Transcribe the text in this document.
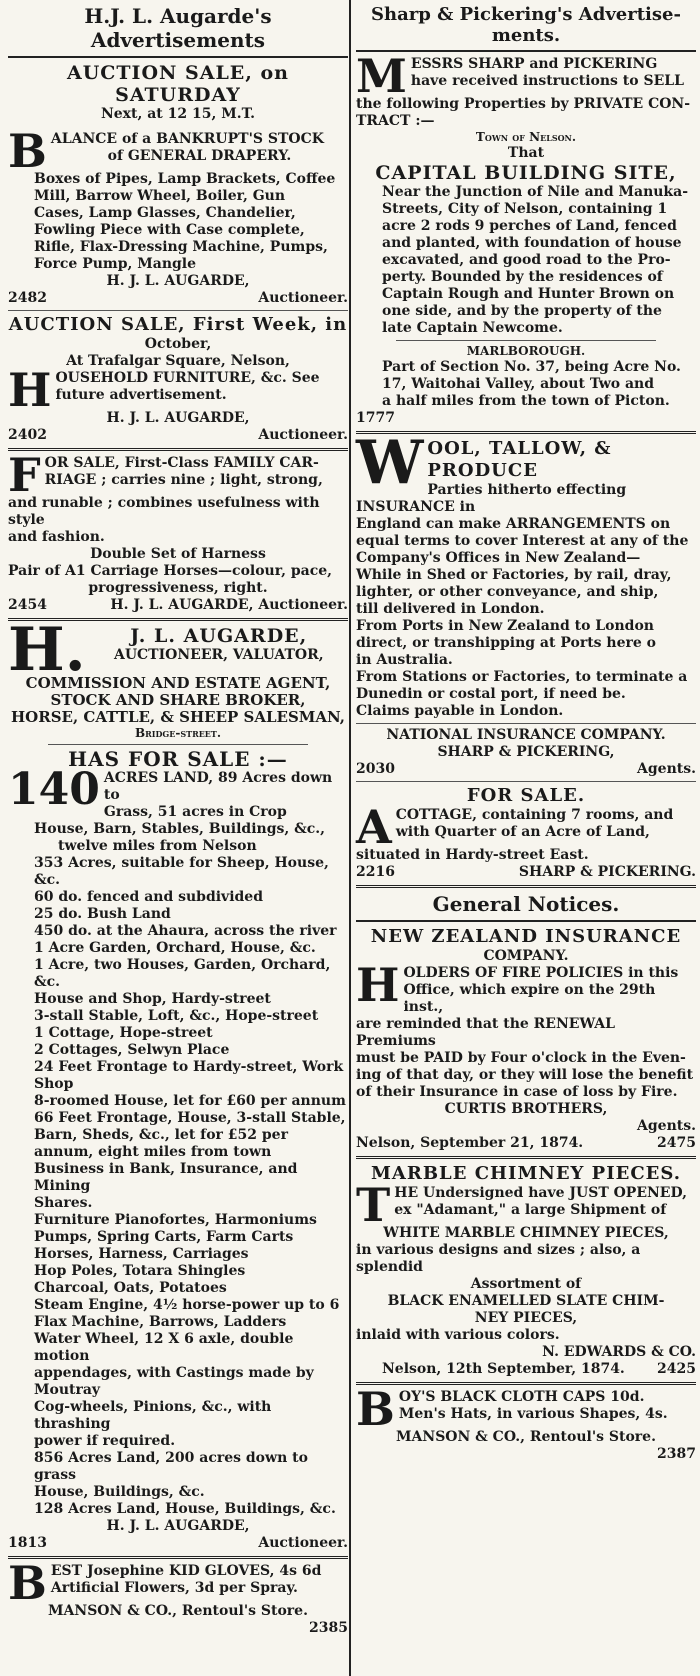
H.J. L. Augarde's Advertisements
AUCTION SALE, on SATURDAY
Next, at 12 15, M.T.
B ALANCE of a BANKRUPT'S STOCK
of GENERAL DRAPERY.
Boxes of Pipes, Lamp Brackets, Coffee
Mill, Barrow Wheel, Boiler, Gun
Cases, Lamp Glasses, Chandelier,
Fowling Piece with Case complete,
Rifle, Flax-Dressing Machine, Pumps,
Force Pump, Mangle
H. J. L. AUGARDE,
2482	Auctioneer.
AUCTION SALE, First Week, in
October,
At Trafalgar Square, Nelson,
H OUSEHOLD FURNITURE, &c. See
future advertisement.
H. J. L. AUGARDE,
2402	Auctioneer.
F OR SALE, First-Class FAMILY CAR-
RIAGE ; carries nine ; light, strong,
and runable ; combines usefulness with style
and fashion.
Double Set of Harness
Pair of A1 Carriage Horses—colour, pace,
progressiveness, right.
2454	H. J. L. AUGARDE, Auctioneer.
H.	J. L. AUGARDE,
AUCTIONEER, VALUATOR,
COMMISSION AND ESTATE AGENT,
STOCK AND SHARE BROKER,
HORSE, CATTLE, & SHEEP SALESMAN,
Bridge-street.
HAS FOR SALE :—
140 ACRES LAND, 89 Acres down to
Grass, 51 acres in Crop
House, Barn, Stables, Buildings, &c.,
twelve miles from Nelson
353 Acres, suitable for Sheep, House, &c.
60 do. fenced and subdivided
25 do. Bush Land
450 do. at the Ahaura, across the river
1 Acre Garden, Orchard, House, &c.
1 Acre, two Houses, Garden, Orchard, &c.
House and Shop, Hardy-street
3-stall Stable, Loft, &c., Hope-street
1 Cottage, Hope-street
2 Cottages, Selwyn Place
24 Feet Frontage to Hardy-street, Work
Shop
8-roomed House, let for £60 per annum
66 Feet Frontage, House, 3-stall Stable,
Barn, Sheds, &c., let for £52 per
annum, eight miles from town
Business in Bank, Insurance, and Mining
Shares.
Furniture Pianofortes, Harmoniums
Pumps, Spring Carts, Farm Carts
Horses, Harness, Carriages
Hop Poles, Totara Shingles
Charcoal, Oats, Potatoes
Steam Engine, 4½ horse-power up to 6
Flax Machine, Barrows, Ladders
Water Wheel, 12 X 6 axle, double motion
appendages, with Castings made by
Moutray
Cog-wheels, Pinions, &c., with thrashing
power if required.
856 Acres Land, 200 acres down to grass
House, Buildings, &c.
128 Acres Land, House, Buildings, &c.
H. J. L. AUGARDE,
1813	Auctioneer.
B EST Josephine KID GLOVES, 4s 6d
Artificial Flowers, 3d per Spray.
MANSON & CO., Rentoul's Store.
2385
Sharp & Pickering's Advertise-ments.
M ESSRS SHARP and PICKERING
have received instructions to SELL
the following Properties by PRIVATE CON-
TRACT :—
Town of Nelson.
That
CAPITAL BUILDING SITE,
Near the Junction of Nile and Manuka-
Streets, City of Nelson, containing 1
acre 2 rods 9 perches of Land, fenced
and planted, with foundation of house
excavated, and good road to the Pro-
perty. Bounded by the residences of
Captain Rough and Hunter Brown on
one side, and by the property of the
late Captain Newcome.
MARLBOROUGH.
Part of Section No. 37, being Acre No.
17, Waitohai Valley, about Two and
a half miles from the town of Picton.
1777
W OOL, TALLOW, & PRODUCE
Parties hitherto effecting INSURANCE in
England can make ARRANGEMENTS on
equal terms to cover Interest at any of the
Company's Offices in New Zealand—
While in Shed or Factories, by rail, dray,
lighter, or other conveyance, and ship,
till delivered in London.
From Ports in New Zealand to London
direct, or transhipping at Ports here o
in Australia.
From Stations or Factories, to terminate a
Dunedin or costal port, if need be.
Claims payable in London.
NATIONAL INSURANCE COMPANY.
SHARP & PICKERING,
2030	Agents.
FOR SALE.
A COTTAGE, containing 7 rooms, and
with Quarter of an Acre of Land,
situated in Hardy-street East.
2216	SHARP & PICKERING.
General Notices.
NEW ZEALAND INSURANCE
COMPANY.
H OLDERS OF FIRE POLICIES in this
Office, which expire on the 29th inst.,
are reminded that the RENEWAL Premiums
must be PAID by Four o'clock in the Even-
ing of that day, or they will lose the benefit
of their Insurance in case of loss by Fire.
CURTIS BROTHERS,
Agents.
Nelson, September 21, 1874.	2475
MARBLE CHIMNEY PIECES.
T HE Undersigned have JUST OPENED,
ex "Adamant," a large Shipment of
WHITE MARBLE CHIMNEY PIECES,
in various designs and sizes ; also, a splendid
Assortment of
BLACK ENAMELLED SLATE CHIM-
NEY PIECES,
inlaid with various colors.
N. EDWARDS & CO.
Nelson, 12th September, 1874. 2425
B OY'S BLACK CLOTH CAPS 10d.
Men's Hats, in various Shapes, 4s.
MANSON & CO., Rentoul's Store.
2387
